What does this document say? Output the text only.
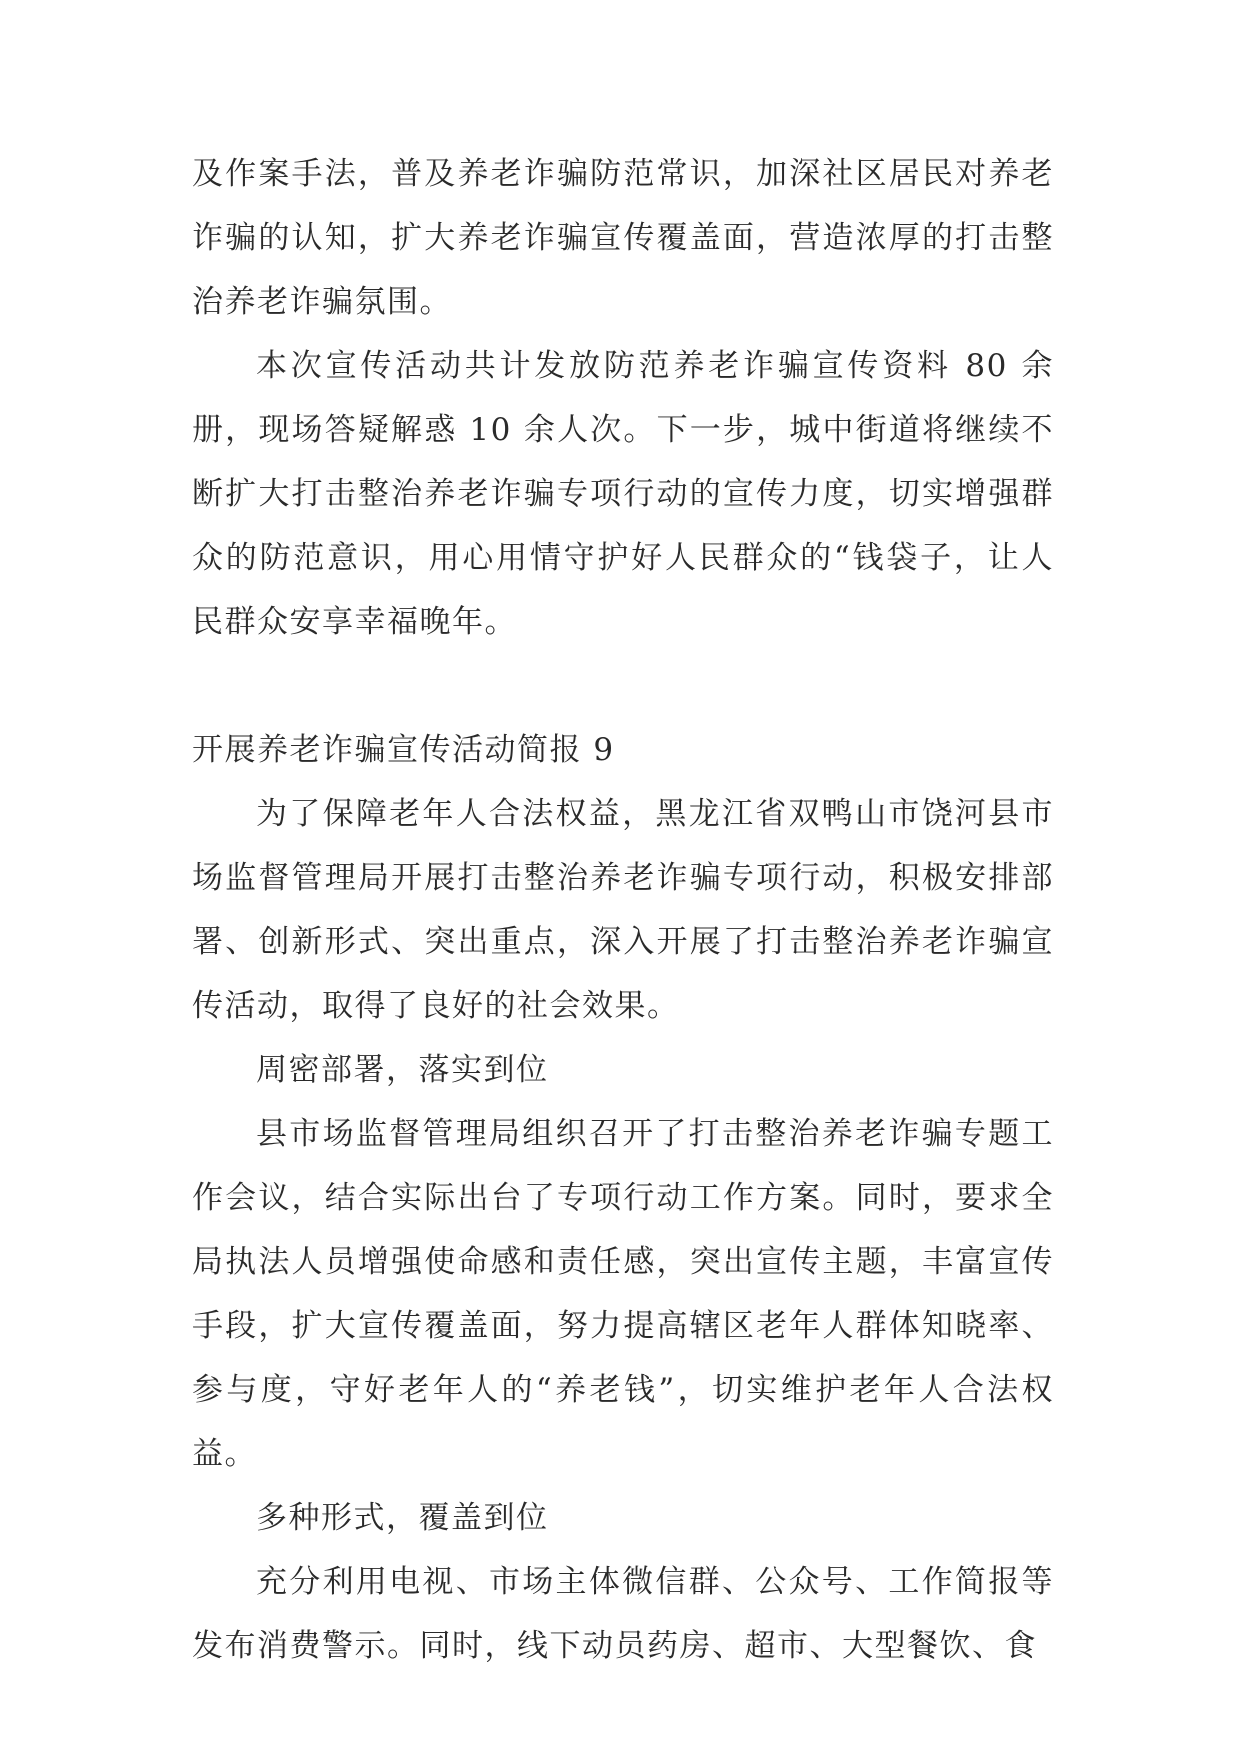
及作案手法，普及养老诈骗防范常识，加深社区居民对养老诈骗的认知，扩大养老诈骗宣传覆盖面，营造浓厚的打击整治养老诈骗氛围。

本次宣传活动共计发放防范养老诈骗宣传资料 80 余册，现场答疑解惑 10 余人次。下一步，城中街道将继续不断扩大打击整治养老诈骗专项行动的宣传力度，切实增强群众的防范意识，用心用情守护好人民群众的“钱袋子，让人民群众安享幸福晚年。

开展养老诈骗宣传活动简报 9

为了保障老年人合法权益，黑龙江省双鸭山市饶河县市场监督管理局开展打击整治养老诈骗专项行动，积极安排部署、创新形式、突出重点，深入开展了打击整治养老诈骗宣传活动，取得了良好的社会效果。

周密部署，落实到位

县市场监督管理局组织召开了打击整治养老诈骗专题工作会议，结合实际出台了专项行动工作方案。同时，要求全局执法人员增强使命感和责任感，突出宣传主题，丰富宣传手段，扩大宣传覆盖面，努力提高辖区老年人群体知晓率、参与度，守好老年人的“养老钱”，切实维护老年人合法权益。

多种形式，覆盖到位

充分利用电视、市场主体微信群、公众号、工作简报等发布消费警示。同时，线下动员药房、超市、大型餐饮、食
